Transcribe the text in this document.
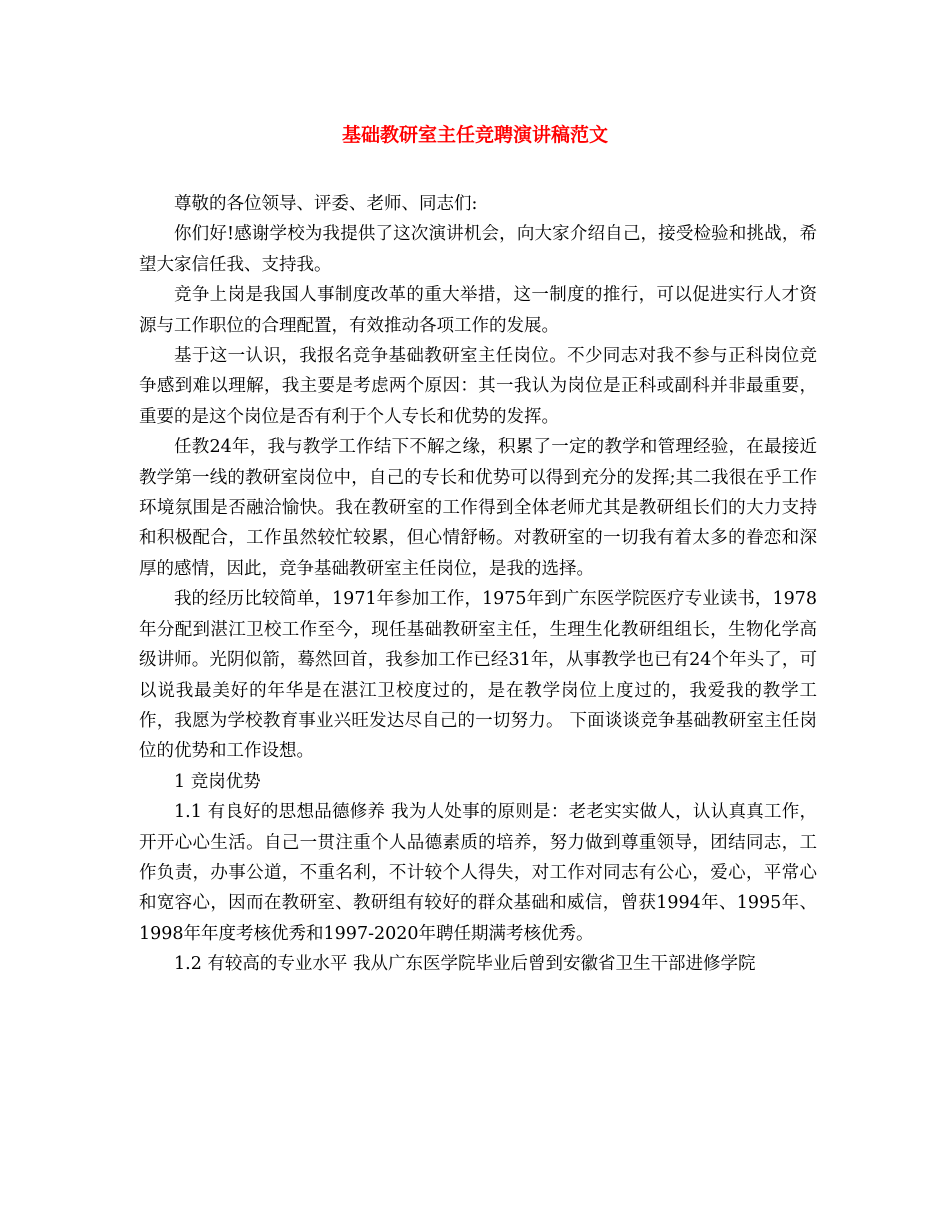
基础教研室主任竞聘演讲稿范文

尊敬的各位领导、评委、老师、同志们:

你们好!感谢学校为我提供了这次演讲机会，向大家介绍自己，接受检验和挑战，希望大家信任我、支持我。

竞争上岗是我国人事制度改革的重大举措，这一制度的推行，可以促进实行人才资源与工作职位的合理配置，有效推动各项工作的发展。

基于这一认识，我报名竞争基础教研室主任岗位。不少同志对我不参与正科岗位竞争感到难以理解，我主要是考虑两个原因：其一我认为岗位是正科或副科并非最重要，重要的是这个岗位是否有利于个人专长和优势的发挥。

任教24年，我与教学工作结下不解之缘，积累了一定的教学和管理经验，在最接近教学第一线的教研室岗位中，自己的专长和优势可以得到充分的发挥;其二我很在乎工作环境氛围是否融洽愉快。我在教研室的工作得到全体老师尤其是教研组长们的大力支持和积极配合，工作虽然较忙较累，但心情舒畅。对教研室的一切我有着太多的眷恋和深厚的感情，因此，竞争基础教研室主任岗位，是我的选择。

我的经历比较简单，1971年参加工作，1975年到广东医学院医疗专业读书，1978年分配到湛江卫校工作至今，现任基础教研室主任，生理生化教研组组长，生物化学高级讲师。光阴似箭，蓦然回首，我参加工作已经31年，从事教学也已有24个年头了，可以说我最美好的年华是在湛江卫校度过的，是在教学岗位上度过的，我爱我的教学工作，我愿为学校教育事业兴旺发达尽自己的一切努力。 下面谈谈竞争基础教研室主任岗位的优势和工作设想。

1 竞岗优势

1.1 有良好的思想品德修养 我为人处事的原则是：老老实实做人，认认真真工作，开开心心生活。自己一贯注重个人品德素质的培养，努力做到尊重领导，团结同志，工作负责，办事公道，不重名利，不计较个人得失，对工作对同志有公心，爱心，平常心和宽容心，因而在教研室、教研组有较好的群众基础和威信，曾获1994年、1995年、1998年年度考核优秀和1997-2020年聘任期满考核优秀。

1.2 有较高的专业水平 我从广东医学院毕业后曾到安徽省卫生干部进修学院
